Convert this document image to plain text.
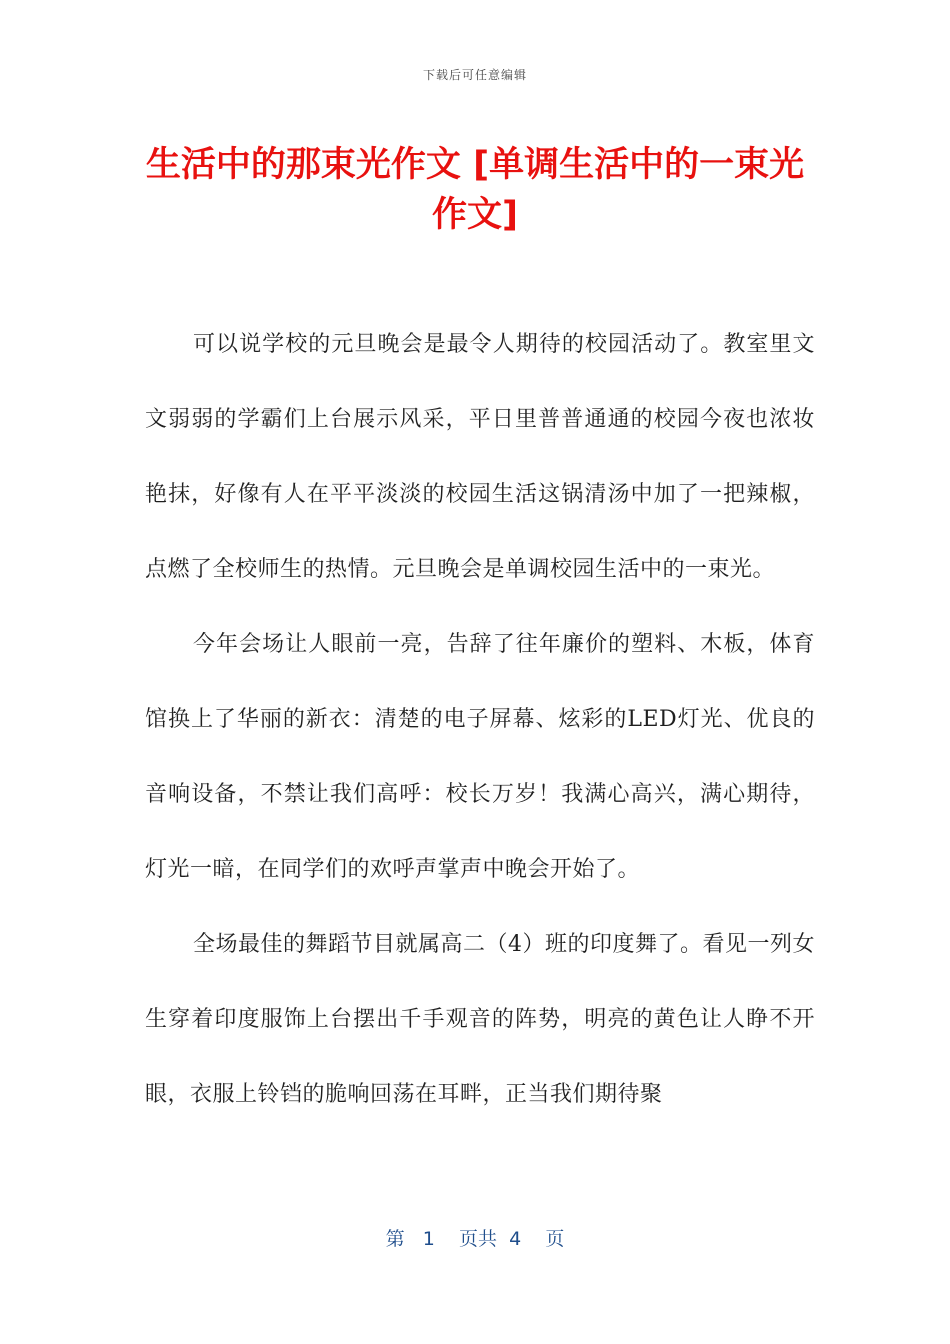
下载后可任意编辑
生活中的那束光作文 [单调生活中的一束光作文]

可以说学校的元旦晚会是最令人期待的校园活动了。教室里文文弱弱的学霸们上台展示风采，平日里普普通通的校园今夜也浓妆艳抹，好像有人在平平淡淡的校园生活这锅清汤中加了一把辣椒，点燃了全校师生的热情。元旦晚会是单调校园生活中的一束光。

今年会场让人眼前一亮，告辞了往年廉价的塑料、木板，体育馆换上了华丽的新衣：清楚的电子屏幕、炫彩的LED灯光、优良的音响设备，不禁让我们高呼：校长万岁！我满心高兴，满心期待，灯光一暗，在同学们的欢呼声掌声中晚会开始了。

全场最佳的舞蹈节目就属高二（4）班的印度舞了。看见一列女生穿着印度服饰上台摆出千手观音的阵势，明亮的黄色让人睁不开眼，衣服上铃铛的脆响回荡在耳畔，正当我们期待聚

第 1 页共 4 页
